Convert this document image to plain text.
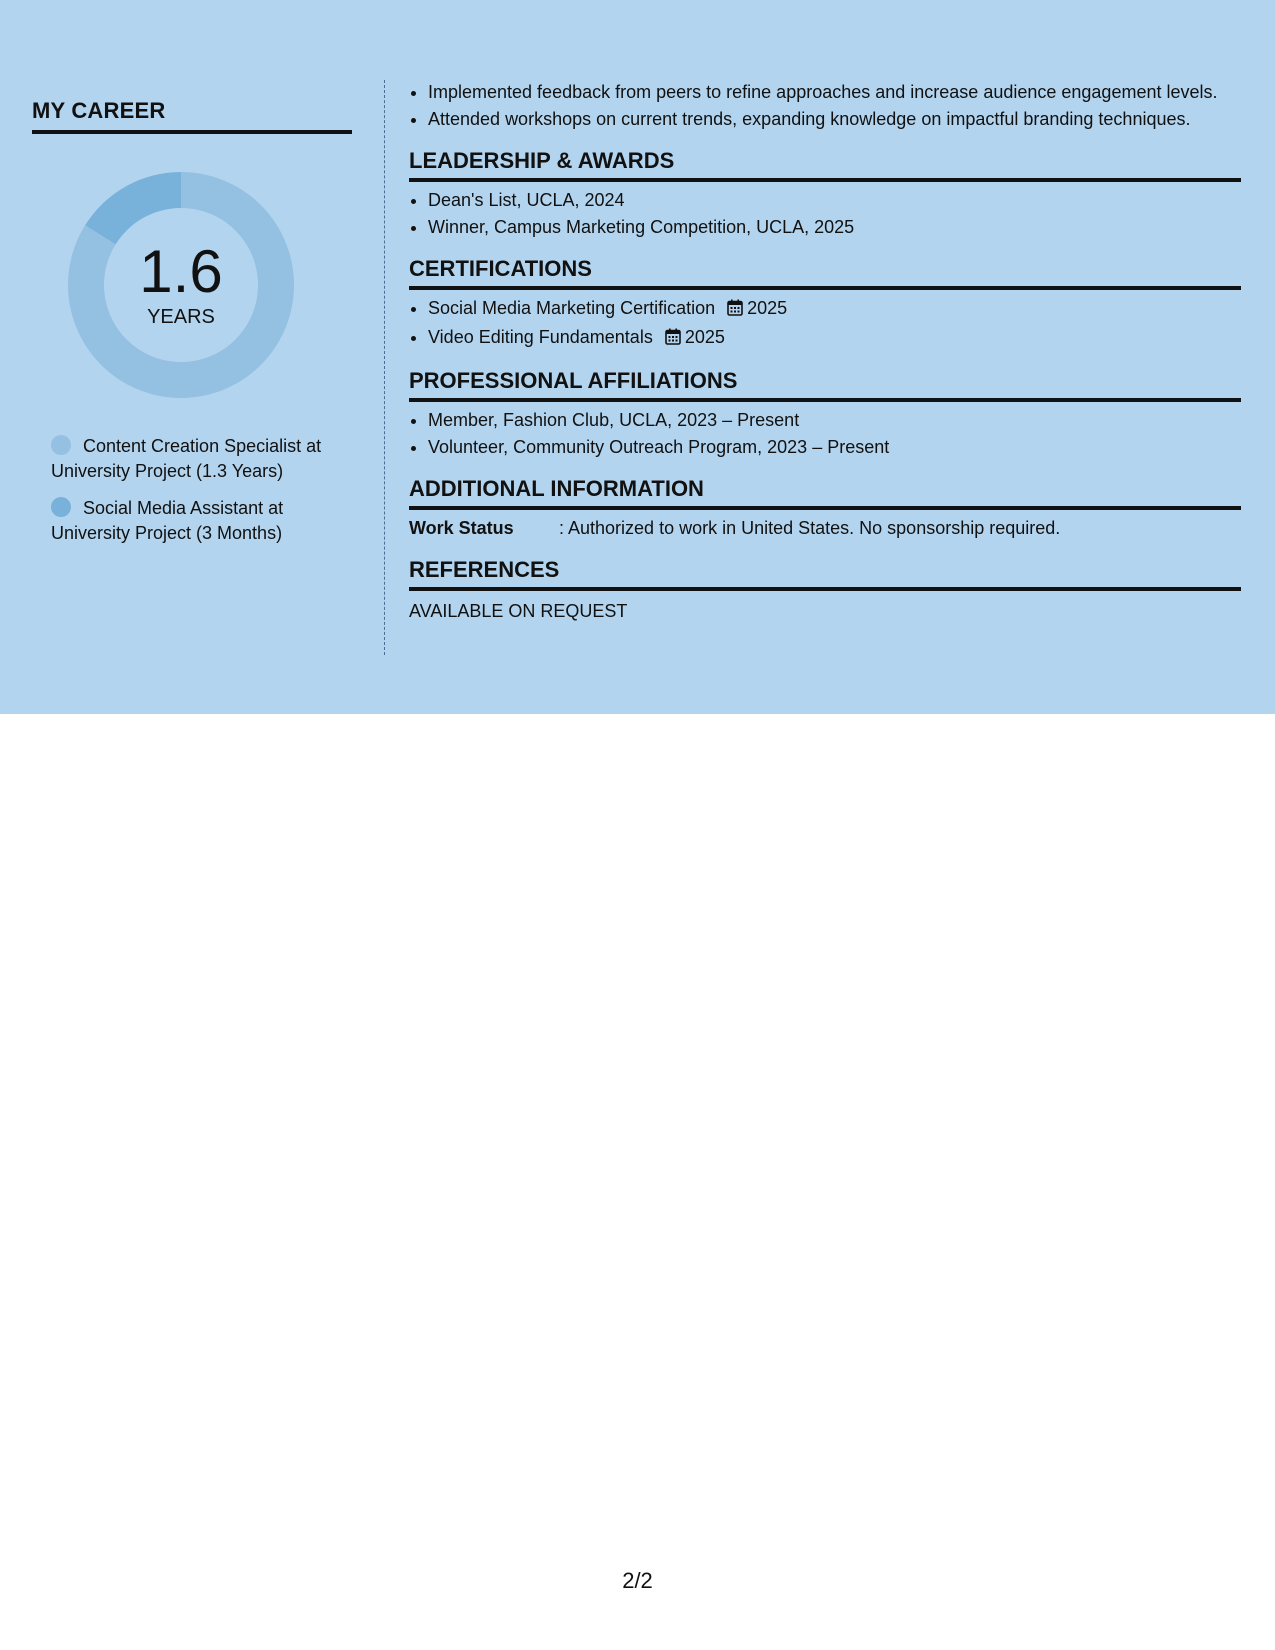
MY CAREER
1.6
YEARS
Content Creation Specialist at University Project (1.3 Years)
Social Media Assistant at University Project (3 Months)
• Implemented feedback from peers to refine approaches and increase audience engagement levels.
• Attended workshops on current trends, expanding knowledge on impactful branding techniques.
LEADERSHIP & AWARDS
• Dean's List, UCLA, 2024
• Winner, Campus Marketing Competition, UCLA, 2025
CERTIFICATIONS
• Social Media Marketing Certification 2025
• Video Editing Fundamentals 2025
PROFESSIONAL AFFILIATIONS
• Member, Fashion Club, UCLA, 2023 – Present
• Volunteer, Community Outreach Program, 2023 – Present
ADDITIONAL INFORMATION
Work Status	: Authorized to work in United States. No sponsorship required.
REFERENCES
AVAILABLE ON REQUEST
2/2
